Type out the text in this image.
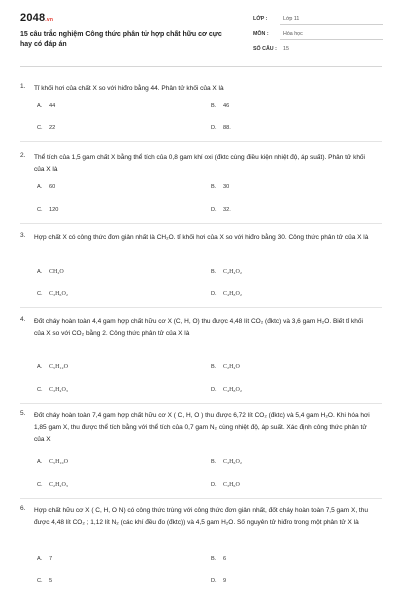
2048.vn
15 câu trắc nghiệm Công thức phân tử hợp chất hữu cơ cực hay có đáp án
LỚP :	Lớp 11
MÔN :	Hóa học
SỐ CÂU : 15
1. Tỉ khối hơi của chất X so với hiđro bằng 44. Phân tử khối của X là
A. 44	B. 46
C. 22	D. 88.
2. Thể tích của 1,5 gam chất X bằng thể tích của 0,8 gam khí oxi (đktc cùng điều kiện nhiệt độ, áp suất). Phân tử khối của X là
A. 60	B. 30
C. 120	D. 32.
3. Hợp chất X có công thức đơn giản nhất là CH₂O. tỉ khối hơi của X so với hiđro bằng 30. Công thức phân tử của X là
A. CH₂O	B. C₂H₄O₂
C. C₃H₆O₂	D. C₄H₈O₂
4. Đốt cháy hoàn toàn 4,4 gam hợp chất hữu cơ X (C, H, O) thu được 4,48 lít CO₂ (đktc) và 3,6 gam H₂O. Biết tỉ khối của X so với CO₂ bằng 2. Công thức phân tử của X là
A. C₅H₁₂O	B. C₂H₄O
C. C₃H₄O₃	D. C₄H₈O₂
5. Đốt cháy hoàn toàn 7,4 gam hợp chất hữu cơ X ( C, H, O ) thu được 6,72 lít CO₂ (đktc) và 5,4 gam H₂O. Khi hóa hơi 1,85 gam X, thu được thể tích bằng với thể tích của 0,7 gam N₂ cùng nhiệt độ, áp suất. Xác định công thức phân tử của X
A. C₅H₁₀O	B. C₃H₆O₂
C. C₂H₂O₃	D. C₃H₆O
6. Hợp chất hữu cơ X ( C, H, O N) có công thức trùng với công thức đơn giản nhất, đốt cháy hoàn toàn 7,5 gam X, thu được 4,48 lít CO₂ ; 1,12 lít N₂ (các khí đều đo (đktc)) và 4,5 gam H₂O. Số nguyên tử hiđro trong một phân tử X là
A. 7	B. 6
C. 5	D. 9
